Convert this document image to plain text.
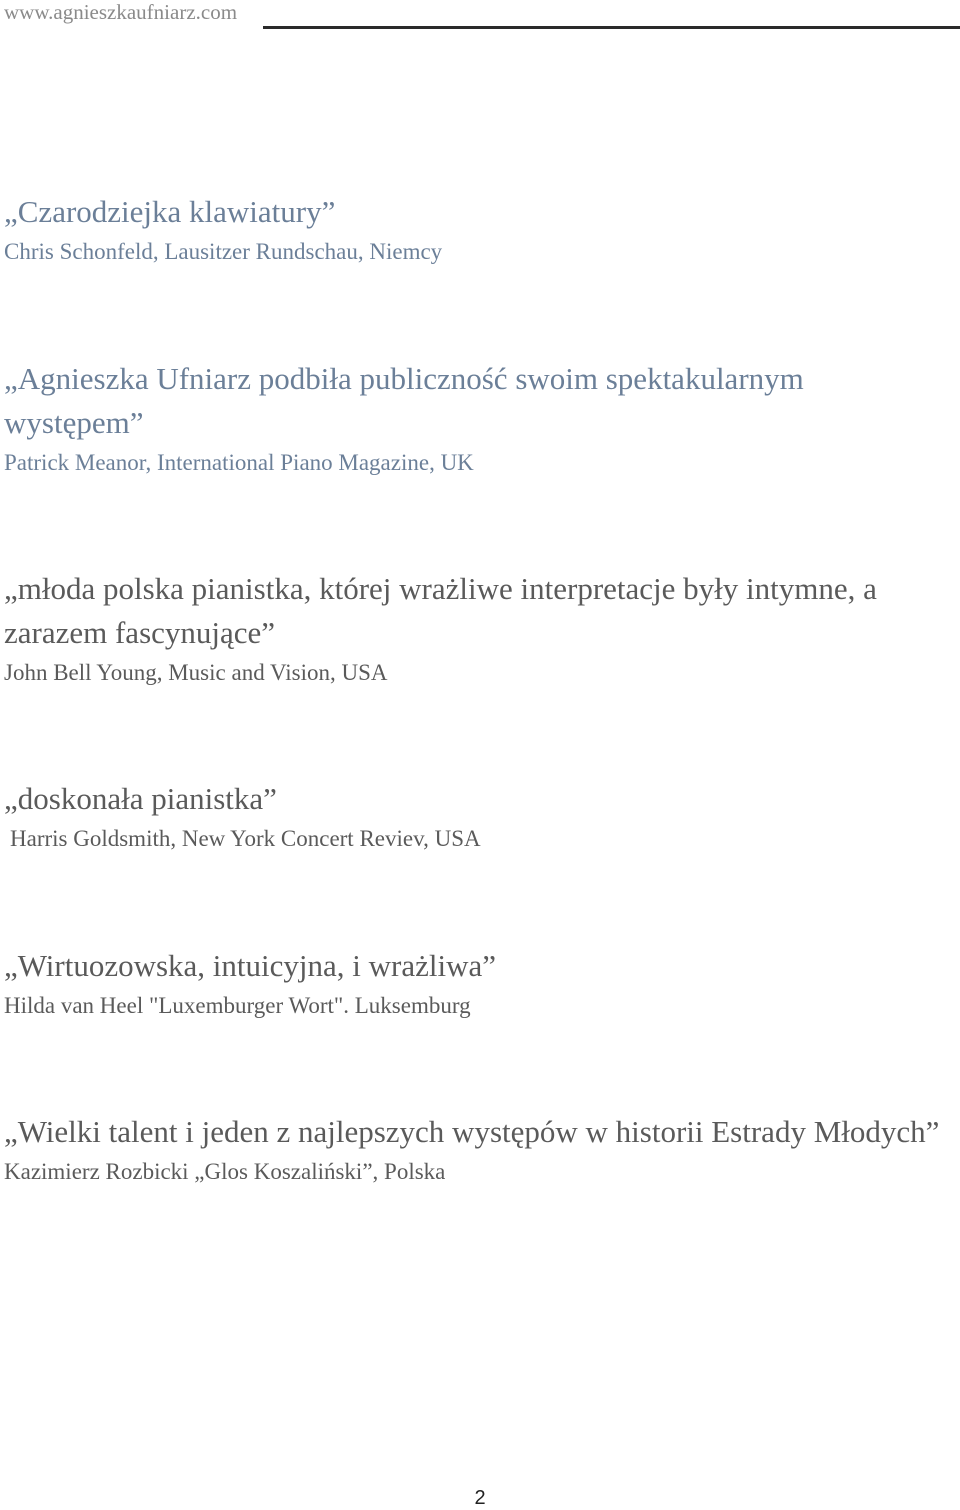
www.agnieszkaufniarz.com

„Czarodziejka klawiatury”

Chris Schonfeld, Lausitzer Rundschau, Niemcy

„Agnieszka Ufniarz podbiła publiczność swoim spektakularnym występem”

Patrick Meanor, International Piano Magazine, UK

„młoda polska pianistka, której wrażliwe interpretacje były intymne, a zarazem fascynujące”

John Bell Young, Music and Vision, USA

„doskonała pianistka”

Harris Goldsmith, New York Concert Reviev, USA

„Wirtuozowska, intuicyjna, i wrażliwa”

Hilda van Heel "Luxemburger Wort". Luksemburg

„Wielki talent i jeden z najlepszych występów w historii Estrady Młodych”

Kazimierz Rozbicki „Glos Koszaliński”, Polska

2
